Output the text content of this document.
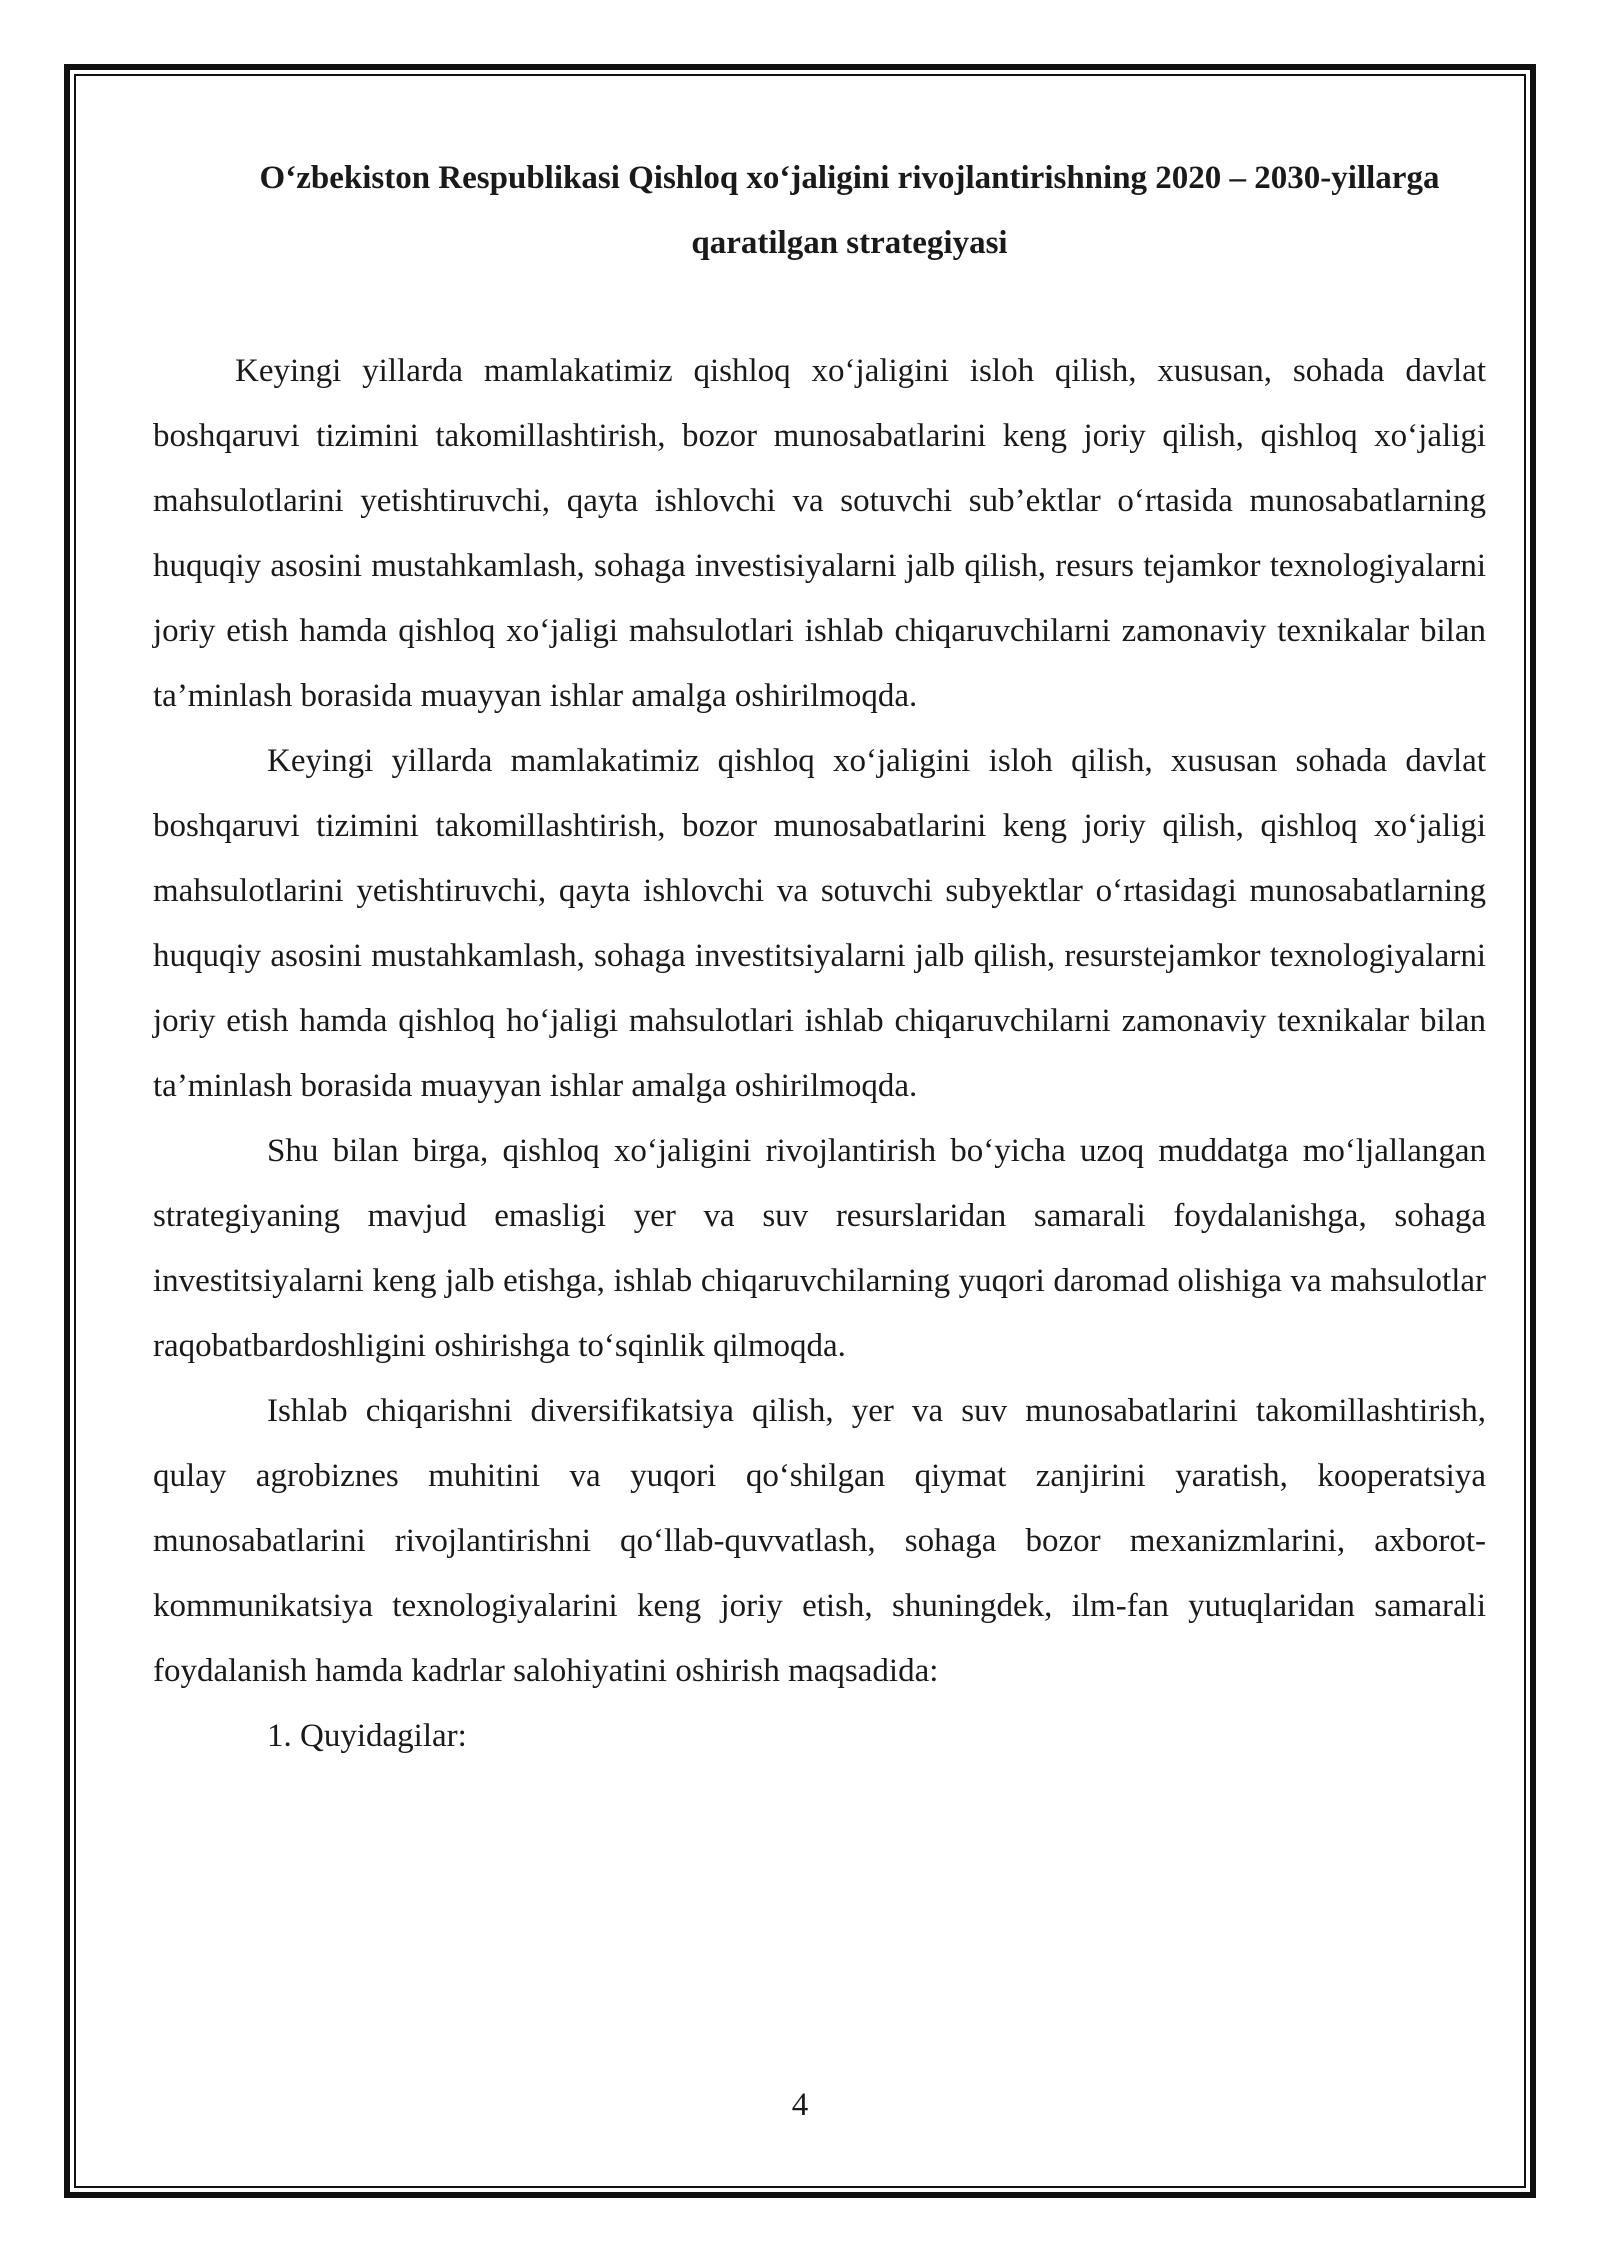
O‘zbekiston Respublikasi Qishloq xo‘jaligini rivojlantirishning 2020 – 2030-yillarga qaratilgan strategiyasi

Keyingi yillarda mamlakatimiz qishloq xo‘jaligini isloh qilish, xususan, sohada davlat boshqaruvi tizimini takomillashtirish, bozor munosabatlarini keng joriy qilish, qishloq xo‘jaligi mahsulotlarini yetishtiruvchi, qayta ishlovchi va sotuvchi sub’ektlar o‘rtasida munosabatlarning huquqiy asosini mustahkamlash, sohaga investisiyalarni jalb qilish, resurs tejamkor texnologiyalarni joriy etish hamda qishloq xo‘jaligi mahsulotlari ishlab chiqaruvchilarni zamonaviy texnikalar bilan ta’minlash borasida muayyan ishlar amalga oshirilmoqda.

Keyingi yillarda mamlakatimiz qishloq xo‘jaligini isloh qilish, xususan sohada davlat boshqaruvi tizimini takomillashtirish, bozor munosabatlarini keng joriy qilish, qishloq xo‘jaligi mahsulotlarini yetishtiruvchi, qayta ishlovchi va sotuvchi subyektlar o‘rtasidagi munosabatlarning huquqiy asosini mustahkamlash, sohaga investitsiyalarni jalb qilish, resurstejamkor texnologiyalarni joriy etish hamda qishloq ho‘jaligi mahsulotlari ishlab chiqaruvchilarni zamonaviy texnikalar bilan ta’minlash borasida muayyan ishlar amalga oshirilmoqda.

Shu bilan birga, qishloq xo‘jaligini rivojlantirish bo‘yicha uzoq muddatga mo‘ljallangan strategiyaning mavjud emasligi yer va suv resurslaridan samarali foydalanishga, sohaga investitsiyalarni keng jalb etishga, ishlab chiqaruvchilarning yuqori daromad olishiga va mahsulotlar raqobatbardoshligini oshirishga to‘sqinlik qilmoqda.

Ishlab chiqarishni diversifikatsiya qilish, yer va suv munosabatlarini takomillashtirish, qulay agrobiznes muhitini va yuqori qo‘shilgan qiymat zanjirini yaratish, kooperatsiya munosabatlarini rivojlantirishni qo‘llab-quvvatlash, sohaga bozor mexanizmlarini, axborot-kommunikatsiya texnologiyalarini keng joriy etish, shuningdek, ilm-fan yutuqlaridan samarali foydalanish hamda kadrlar salohiyatini oshirish maqsadida:

1. Quyidagilar:

4
